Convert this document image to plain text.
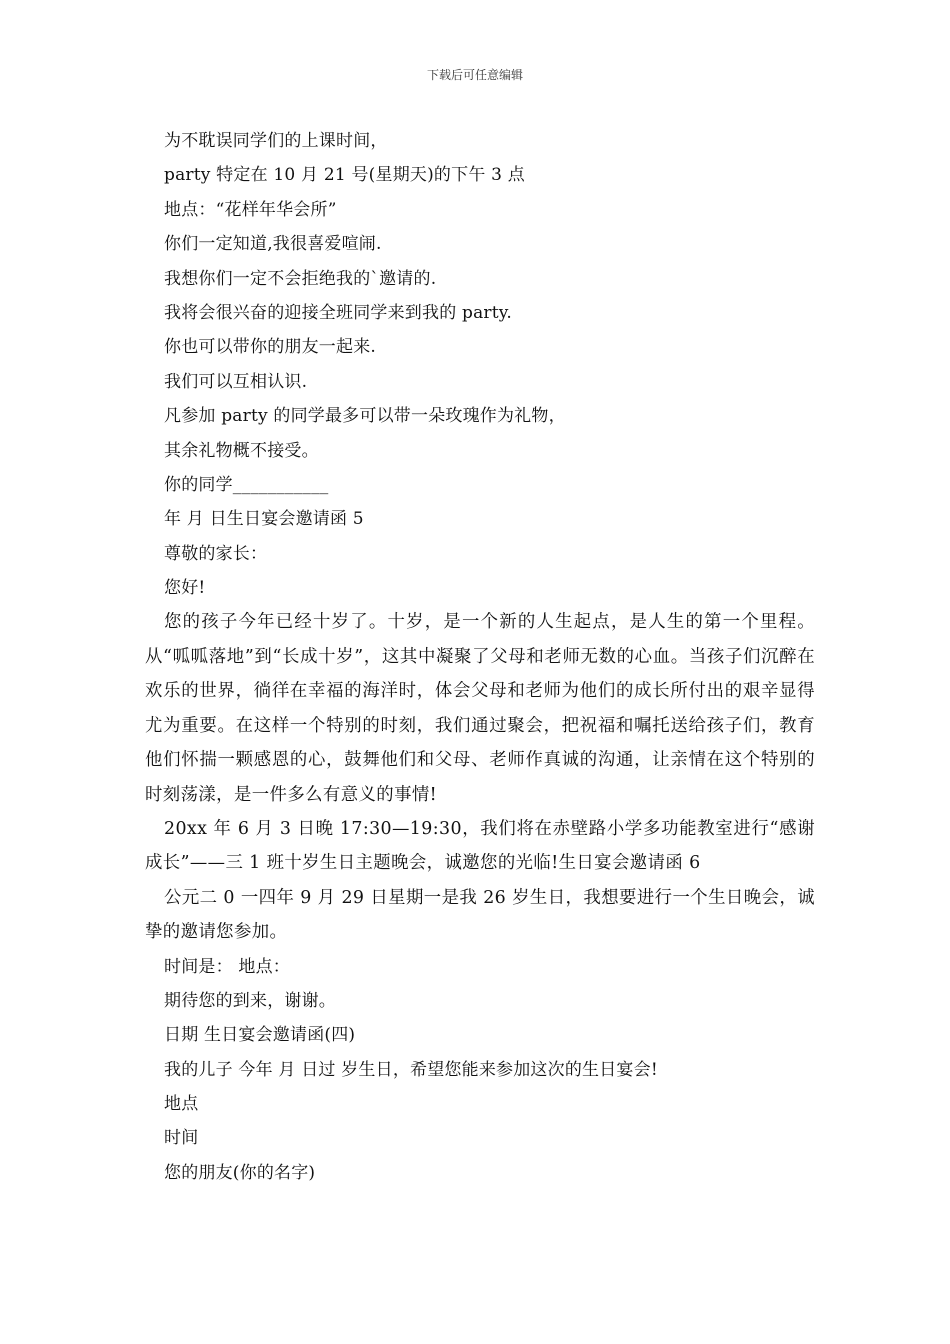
下载后可任意编辑
为不耽误同学们的上课时间，
party 特定在 10 月 21 号(星期天)的下午 3 点
地点：“花样年华会所”
你们一定知道,我很喜爱喧闹.
我想你们一定不会拒绝我的`邀请的.
我将会很兴奋的迎接全班同学来到我的 party.
你也可以带你的朋友一起来.
我们可以互相认识.
凡参加 party 的同学最多可以带一朵玫瑰作为礼物，
其余礼物概不接受。
你的同学___________
年 月 日生日宴会邀请函 5
尊敬的家长：
您好!
您的孩子今年已经十岁了。十岁，是一个新的人生起点，是人生的第一个里程。从“呱呱落地”到“长成十岁”，这其中凝聚了父母和老师无数的心血。当孩子们沉醉在欢乐的世界，徜徉在幸福的海洋时，体会父母和老师为他们的成长所付出的艰辛显得尤为重要。在这样一个特别的时刻，我们通过聚会，把祝福和嘱托送给孩子们，教育他们怀揣一颗感恩的心，鼓舞他们和父母、老师作真诚的沟通，让亲情在这个特别的时刻荡漾，是一件多么有意义的事情!
20xx 年 6 月 3 日晚 17:30—19:30，我们将在赤壁路小学多功能教室进行“感谢成长”——三 1 班十岁生日主题晚会，诚邀您的光临!生日宴会邀请函 6
公元二 0 一四年 9 月 29 日星期一是我 26 岁生日，我想要进行一个生日晚会，诚挚的邀请您参加。
时间是： 地点：
期待您的到来，谢谢。
日期 生日宴会邀请函(四)
我的儿子 今年 月 日过 岁生日，希望您能来参加这次的生日宴会!
地点
时间
您的朋友(你的名字)
